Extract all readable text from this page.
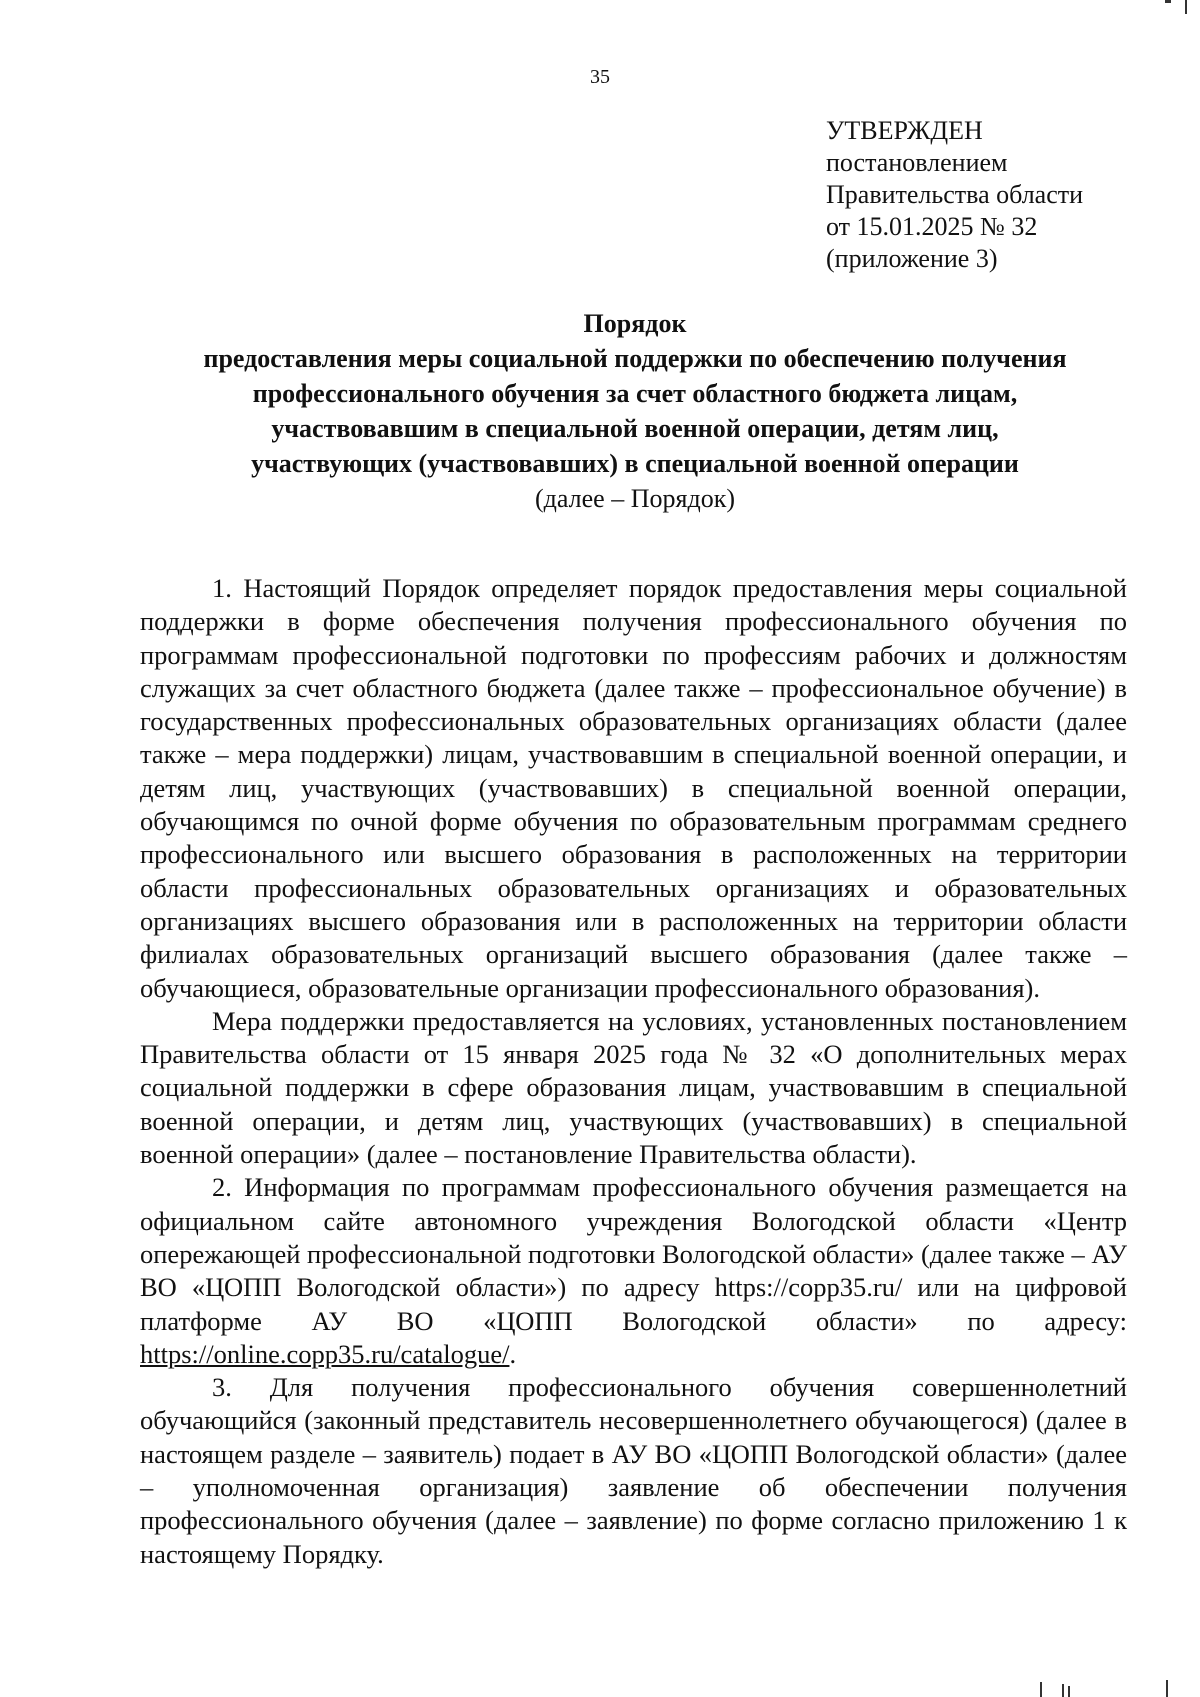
35
УТВЕРЖДЕН
постановлением
Правительства области
от 15.01.2025 № 32
(приложение 3)
Порядок
предоставления меры социальной поддержки по обеспечению получения
профессионального обучения за счет областного бюджета лицам,
участвовавшим в специальной военной операции, детям лиц,
участвующих (участвовавших) в специальной военной операции
(далее – Порядок)

1. Настоящий Порядок определяет порядок предоставления меры социальной поддержки в форме обеспечения получения профессионального обучения по программам профессиональной подготовки по профессиям рабочих и должностям служащих за счет областного бюджета (далее также – профессиональное обучение) в государственных профессиональных образовательных организациях области (далее также – мера поддержки) лицам, участвовавшим в специальной военной операции, и детям лиц, участвующих (участвовавших) в специальной военной операции, обучающимся по очной форме обучения по образовательным программам среднего профессионального или высшего образования в расположенных на территории области профессиональных образовательных организациях и образовательных организациях высшего образования или в расположенных на территории области филиалах образовательных организаций высшего образования (далее также – обучающиеся, образовательные организации профессионального образования).

Мера поддержки предоставляется на условиях, установленных постановлением Правительства области от 15 января 2025 года № 32 «О дополнительных мерах социальной поддержки в сфере образования лицам, участвовавшим в специальной военной операции, и детям лиц, участвующих (участвовавших) в специальной военной операции» (далее – постановление Правительства области).

2. Информация по программам профессионального обучения размещается на официальном сайте автономного учреждения Вологодской области «Центр опережающей профессиональной подготовки Вологодской области» (далее также – АУ ВО «ЦОПП Вологодской области») по адресу https://copp35.ru/ или на цифровой платформе АУ ВО «ЦОПП Вологодской области» по адресу: https://online.copp35.ru/catalogue/.

3. Для получения профессионального обучения совершеннолетний обучающийся (законный представитель несовершеннолетнего обучающегося) (далее в настоящем разделе – заявитель) подает в АУ ВО «ЦОПП Вологодской области» (далее – уполномоченная организация) заявление об обеспечении получения профессионального обучения (далее – заявление) по форме согласно приложению 1 к настоящему Порядку.
